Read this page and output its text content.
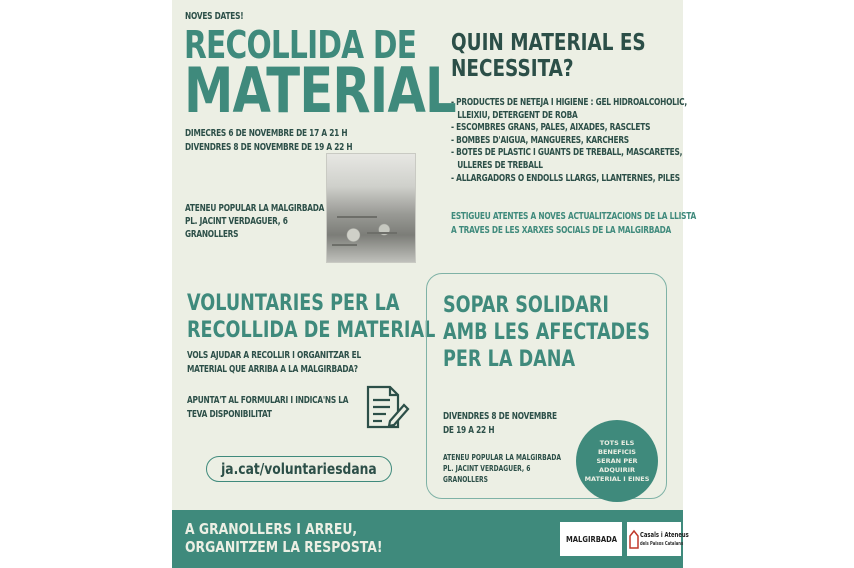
NOVES DATES!
RECOLLIDA DE
MATERIAL
DIMECRES 6 DE NOVEMBRE DE 17 A 21 H
DIVENDRES 8 DE NOVEMBRE DE 19 A 22 H
ATENEU POPULAR LA MALGIRBADA
PL. JACINT VERDAGUER, 6
GRANOLLERS
QUIN MATERIAL ES
NECESSITA?
- PRODUCTES DE NETEJA I HIGIENE : GEL HIDROALCOHOLIC,
LLEIXIU, DETERGENT DE ROBA
- ESCOMBRES GRANS, PALES, AIXADES, RASCLETS
- BOMBES D'AIGUA, MANGUERES, KARCHERS
- BOTES DE PLASTIC I GUANTS DE TREBALL, MASCARETES,
ULLERES DE TREBALL
- ALLARGADORS O ENDOLLS LLARGS, LLANTERNES, PILES
ESTIGUEU ATENTES A NOVES ACTUALITZACIONS DE LA LLISTA
A TRAVES DE LES XARXES SOCIALS DE LA MALGIRBADA
VOLUNTARIES PER LA
RECOLLIDA DE MATERIAL
VOLS AJUDAR A RECOLLIR I ORGANITZAR EL
MATERIAL QUE ARRIBA A LA MALGIRBADA?
APUNTA'T AL FORMULARI I INDICA'NS LA
TEVA DISPONIBILITAT
ja.cat/voluntariesdana
SOPAR SOLIDARI
AMB LES AFECTADES
PER LA DANA
DIVENDRES 8 DE NOVEMBRE
DE 19 A 22 H
ATENEU POPULAR LA MALGIRBADA
PL. JACINT VERDAGUER, 6
GRANOLLERS
TOTS ELS BENEFICIS
SERAN PER ADQUIRIR
MATERIAL I EINES
A GRANOLLERS I ARREU,
ORGANITZEM LA RESPOSTA!	MALGIRBADA	Casals i Ateneus
dels Països Catalans
